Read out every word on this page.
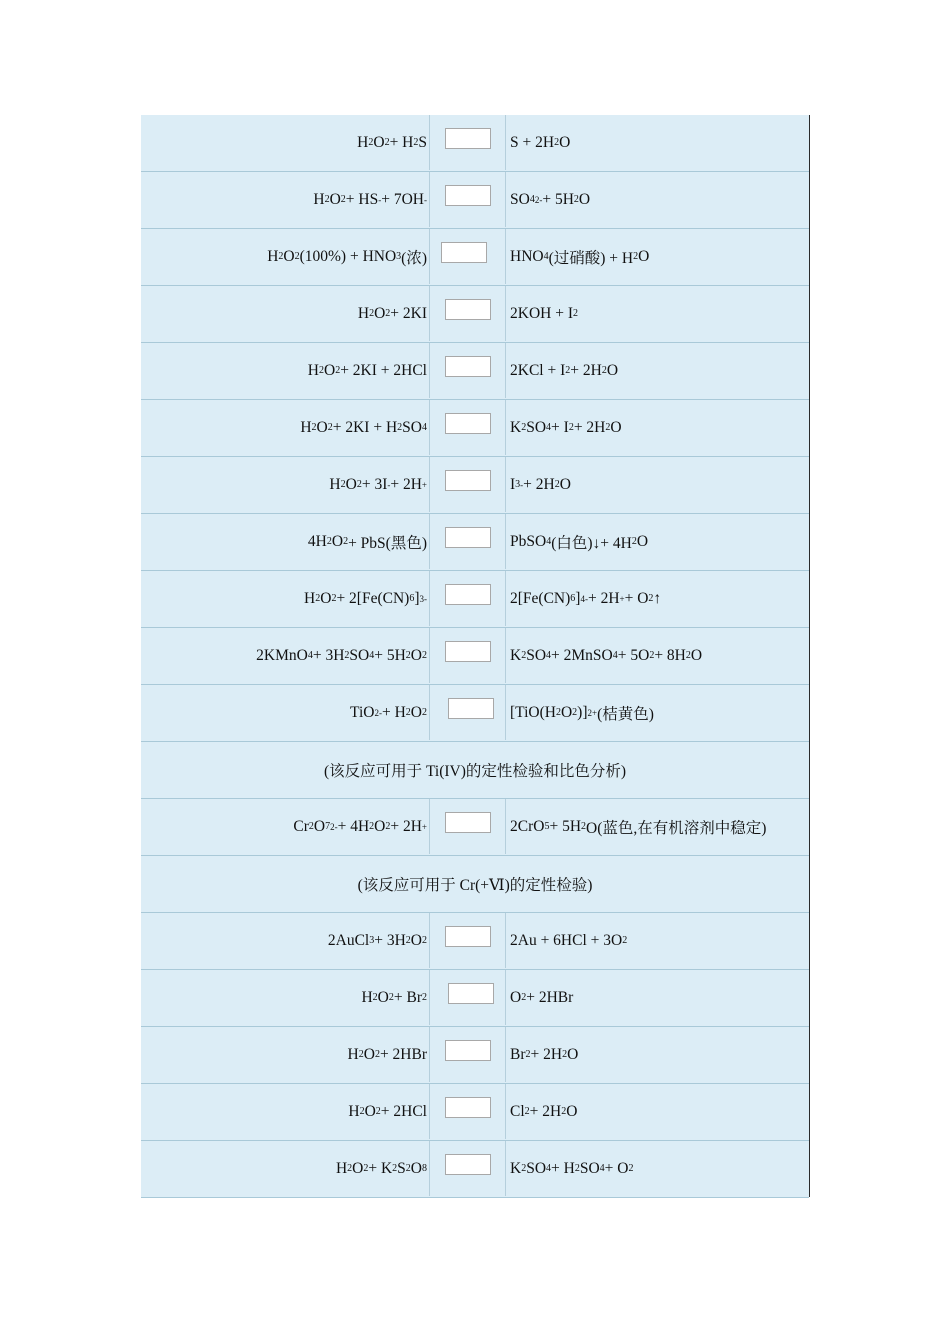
H 2 O 2 + H 2 S	S + 2H 2 O
H 2 O 2 + HS - + 7OH -	SO 4 2- + 5H 2 O
H 2 O 2 (100%) + HNO 3 (浓)	HNO 4 (过硝酸) + H 2 O
H 2 O 2 + 2KI	2KOH + I 2
H 2 O 2 + 2KI + 2HCl	2KCl + I 2 + 2H 2 O
H 2 O 2 + 2KI + H 2 SO 4	K 2 SO 4 + I 2 + 2H 2 O
H 2 O 2 + 3I - + 2H +	I 3 - + 2H 2 O
4H 2 O 2 + PbS(黑色)	PbSO 4 (白色)↓+ 4H 2 O
H 2 O 2 + 2[Fe(CN) 6 ] 3-	2[Fe(CN) 6 ] 4- + 2H + + O 2 ↑
2KMnO 4 + 3H 2 SO 4 + 5H 2 O 2	K 2 SO 4 + 2MnSO 4 + 5O 2 + 8H 2 O
TiO 2- + H 2 O 2	[TiO(H 2 O 2 )] 2+ (桔黄色)
(该反应可用于 Ti(IV)的定性检验和比色分析)
Cr 2 O 7 2- + 4H 2 O 2 + 2H +	2CrO 5 + 5H 2 O(蓝色,在有机溶剂中稳定)
(该反应可用于 Cr(+Ⅵ)的定性检验)
2AuCl 3 + 3H 2 O 2	2Au + 6HCl + 3O 2
H 2 O 2 + Br 2	O 2 + 2HBr
H 2 O 2 + 2HBr	Br 2 + 2H 2 O
H 2 O 2 + 2HCl	Cl 2 + 2H 2 O
H 2 O 2 + K 2 S 2 O 8	K 2 SO 4 + H 2 SO 4 + O 2
